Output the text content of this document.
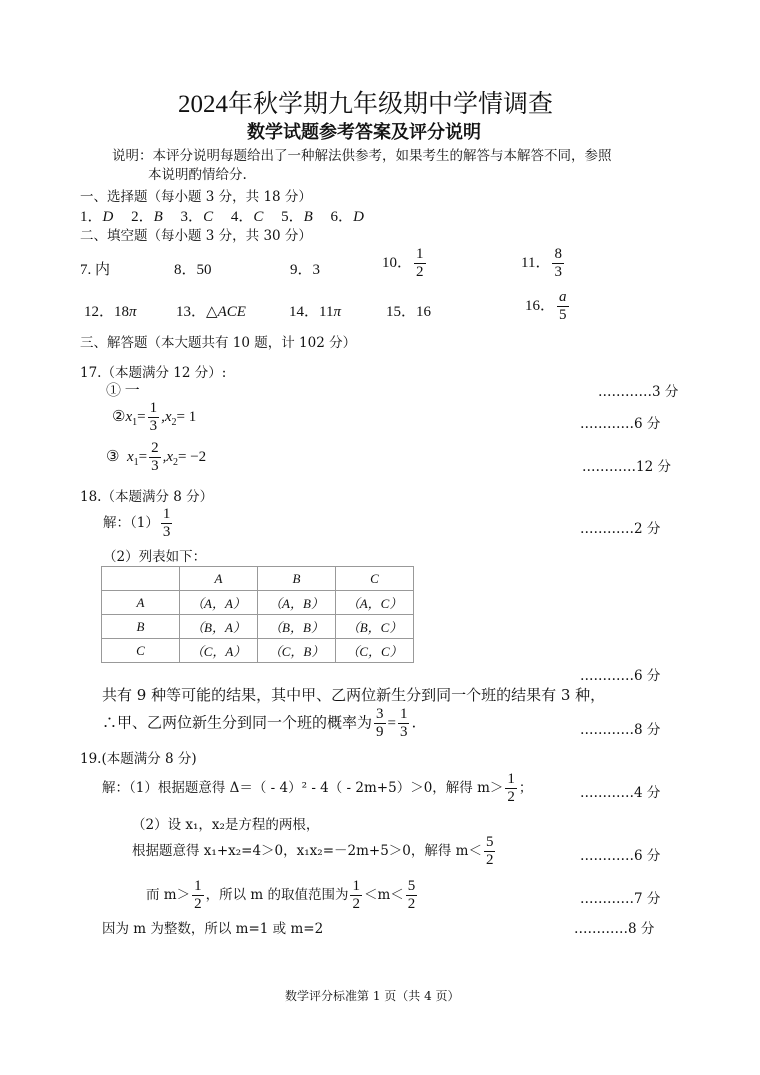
2024年秋学期九年级期中学情调查
数学试题参考答案及评分说明
说明：本评分说明每题给出了一种解法供参考，如果考生的解答与本解答不同，参照
本说明酌情给分.
一、选择题（每小题 3 分，共 18 分）
1．D 2．B 3．C 4．C 5．B 6．D
二、填空题（每小题 3 分，共 30 分）
7. 内	8．50	9．3	10． $\frac{1}{2}$	11． $\frac{8}{3}$
12．18π	13．△ACE	14．11π	15．16	16． $\frac{a}{5}$
三、解答题（本大题共有 10 题，计 102 分）
17.（本题满分 12 分）:
① 一	…………3 分
$②x_1= \frac{1}{3} ,x_2= 1$	…………6 分
③ $x_1= \frac{2}{3} ,x_2= -2$
…………12 分
18.（本题满分 8 分）
解：$(1) \frac{1}{3}$	…………2 分
（2）列表如下：
	A	B	C
A	（A，A）	（A，B）	（A，C）
B	（B，A）	（B，B）	（B，C）
C	（C，A）	（C，B）	（C，C）
…………6 分
共有 9 种等可能的结果，其中甲、乙两位新生分到同一个班的结果有 3 种，
∴甲、乙两位新生分到同一个班的概率为 $\frac{3}{9} = \frac{1}{3}$ .	…………8 分
19.(本题满分 8 分)
解：（1）根据题意得 Δ＝（ - 4）² - 4（ - 2m+5）＞0，解得 $m> \frac{1}{2}$ ；	…………4 分
（2）设 x₁，x₂是方程的两根，
根据题意得 x₁+x₂=4＞0，x₁x₂=－2m+5＞0，解得 $m< \frac{5}{2}$	…………6 分
而 $m> \frac{1}{2}$ ，所以 m 的取值范围为 $\frac{1}{2} <m< \frac{5}{2}$	…………7 分
因为 m 为整数，所以 m=1 或 m=2	…………8 分
数学评分标准第 1 页（共 4 页）
